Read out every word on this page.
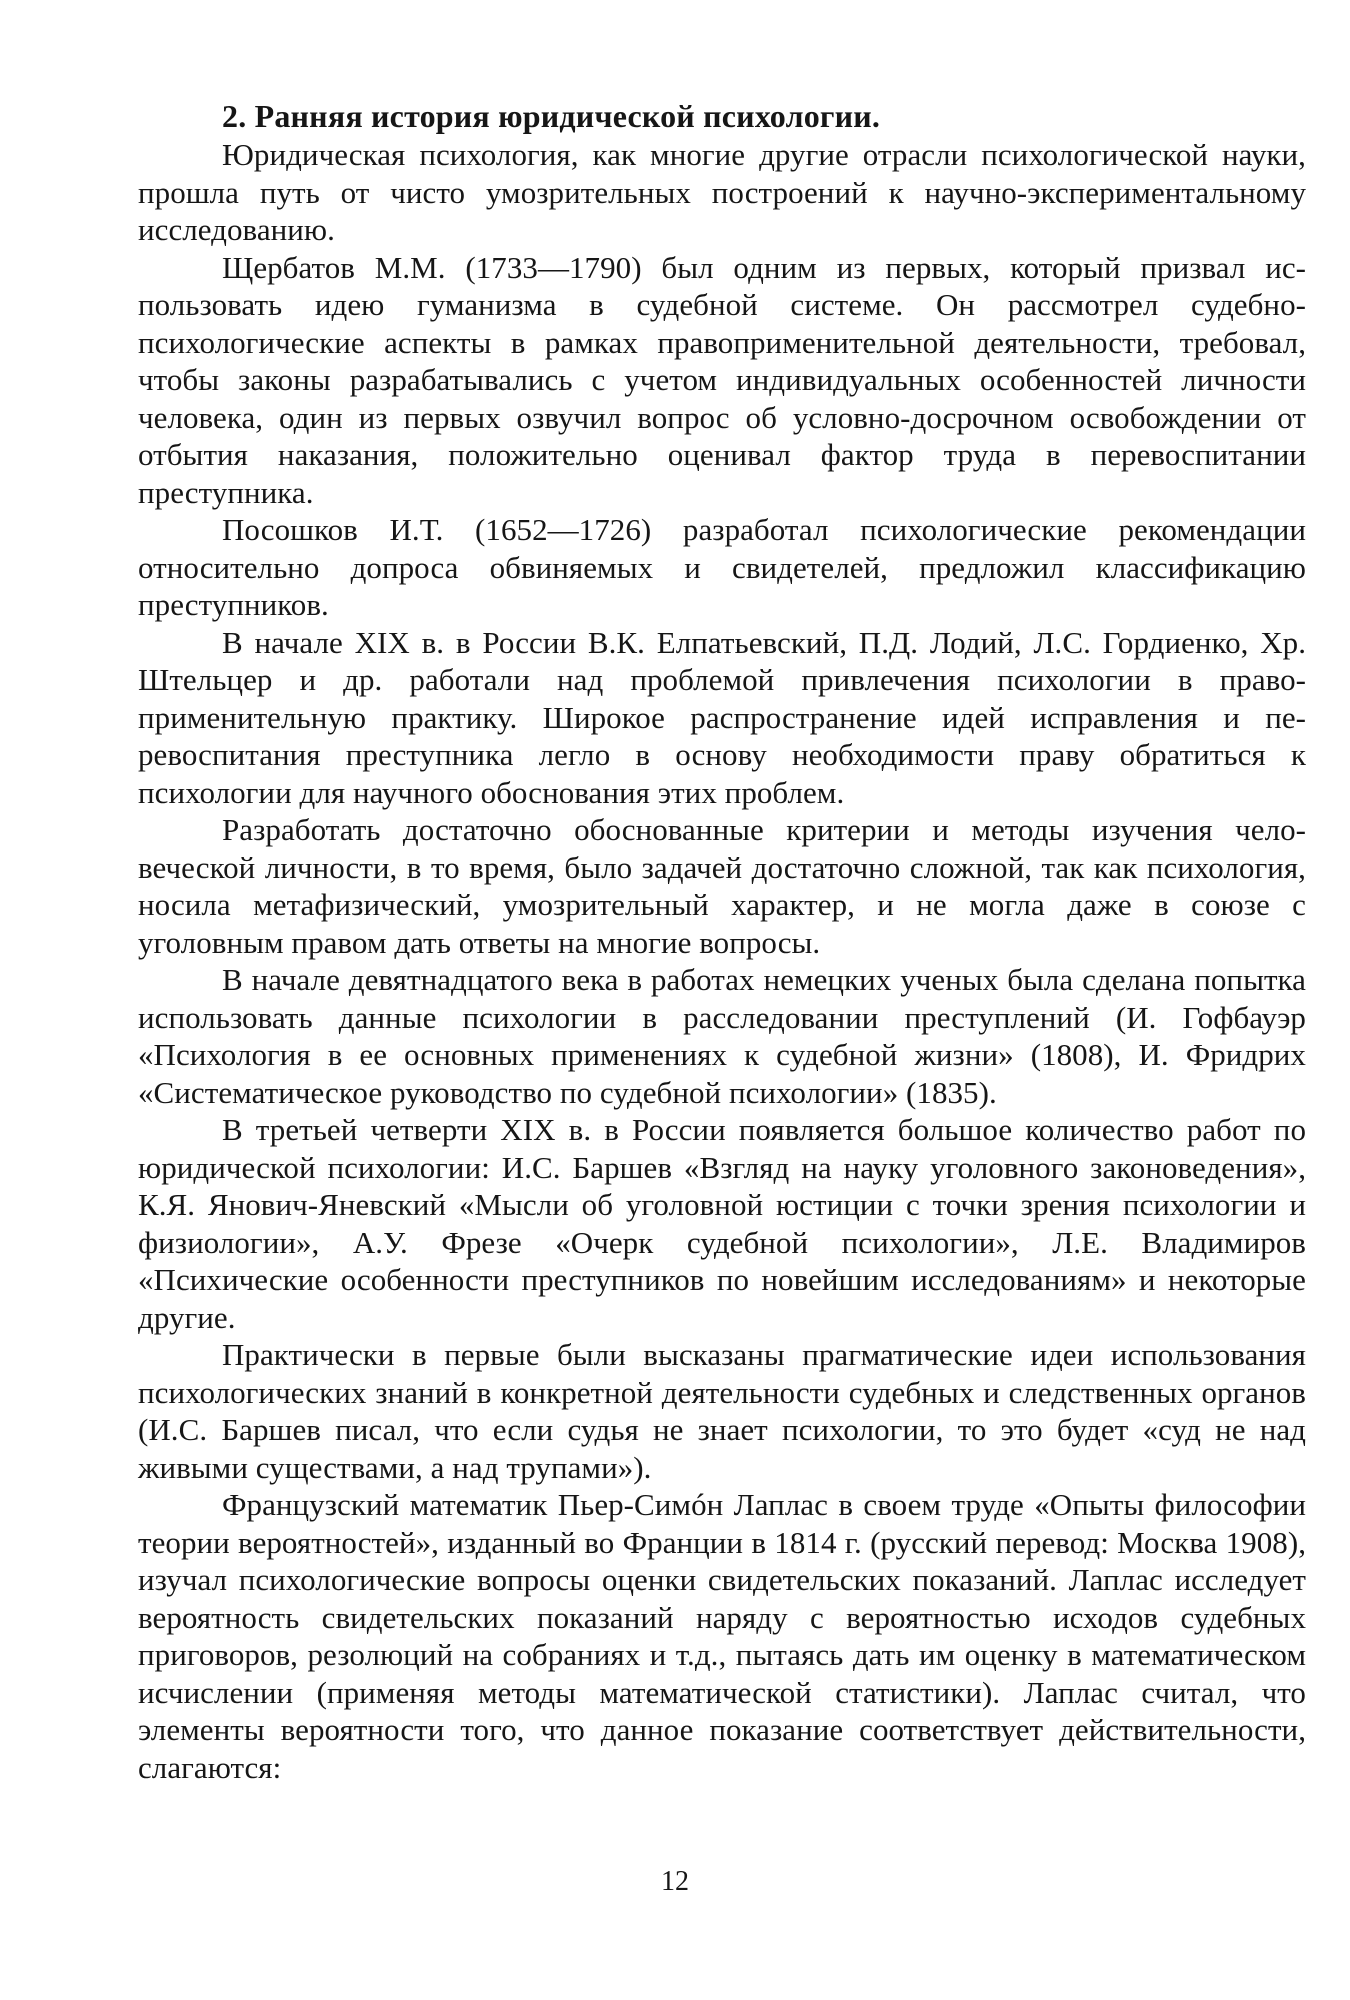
2. Ранняя история юридической психологии.

Юридическая психология, как многие другие отрасли психологической науки, прошла путь от чисто умозрительных построений к научно-экспериментальному исследованию.

Щербатов М.М. (1733—1790) был одним из первых, который призвал использовать идею гуманизма в судебной системе. Он рассмотрел судебно-психологические аспекты в рамках правоприменительной деятельности, требовал, чтобы законы разрабатывались с учетом индивидуальных особенностей личности человека, один из первых озвучил вопрос об условно-досрочном освобождении от отбытия наказания, положительно оценивал фактор труда в перевоспитании преступника.

Посошков И.Т. (1652—1726) разработал психологические рекомендации относительно допроса обвиняемых и свидетелей, предложил классификацию преступников.

В начале XIX в. в России В.К. Елпатьевский, П.Д. Лодий, Л.С. Гордиенко, Хр. Штельцер и др. работали над проблемой привлечения психологии в правоприменительную практику. Широкое распространение идей исправления и перевоспитания преступника легло в основу необходимости праву обратиться к психологии для научного обоснования этих проблем.

Разработать достаточно обоснованные критерии и методы изучения человеческой личности, в то время, было задачей достаточно сложной, так как психология, носила метафизический, умозрительный характер, и не могла даже в союзе с уголовным правом дать ответы на многие вопросы.

В начале девятнадцатого века в работах немецких ученых была сделана попытка использовать данные психологии в расследовании преступлений (И. Гофбауэр «Психология в ее основных применениях к судебной жизни» (1808), И. Фридрих «Систематическое руководство по судебной психологии» (1835).

В третьей четверти XIX в. в России появляется большое количество работ по юридической психологии: И.С. Баршев «Взгляд на науку уголовного законоведения», К.Я. Янович-Яневский «Мысли об уголовной юстиции с точки зрения психологии и физиологии», А.У. Фрезе «Очерк судебной психологии», Л.Е. Владимиров «Психические особенности преступников по новейшим исследованиям» и некоторые другие.

Практически в первые были высказаны прагматические идеи использования психологических знаний в конкретной деятельности судебных и следственных органов (И.С. Баршев писал, что если судья не знает психологии, то это будет «суд не над живыми существами, а над трупами»).

Французский математик Пьер-Симóн Лаплас в своем труде «Опыты философии теории вероятностей», изданный во Франции в 1814 г. (русский перевод: Москва 1908), изучал психологические вопросы оценки свидетельских показаний. Лаплас исследует вероятность свидетельских показаний наряду с вероятностью исходов судебных приговоров, резолюций на собраниях и т.д., пытаясь дать им оценку в математическом исчислении (применяя методы математической статистики). Лаплас считал, что элементы вероятности того, что данное показание соответствует действительности, слагаются:

12
